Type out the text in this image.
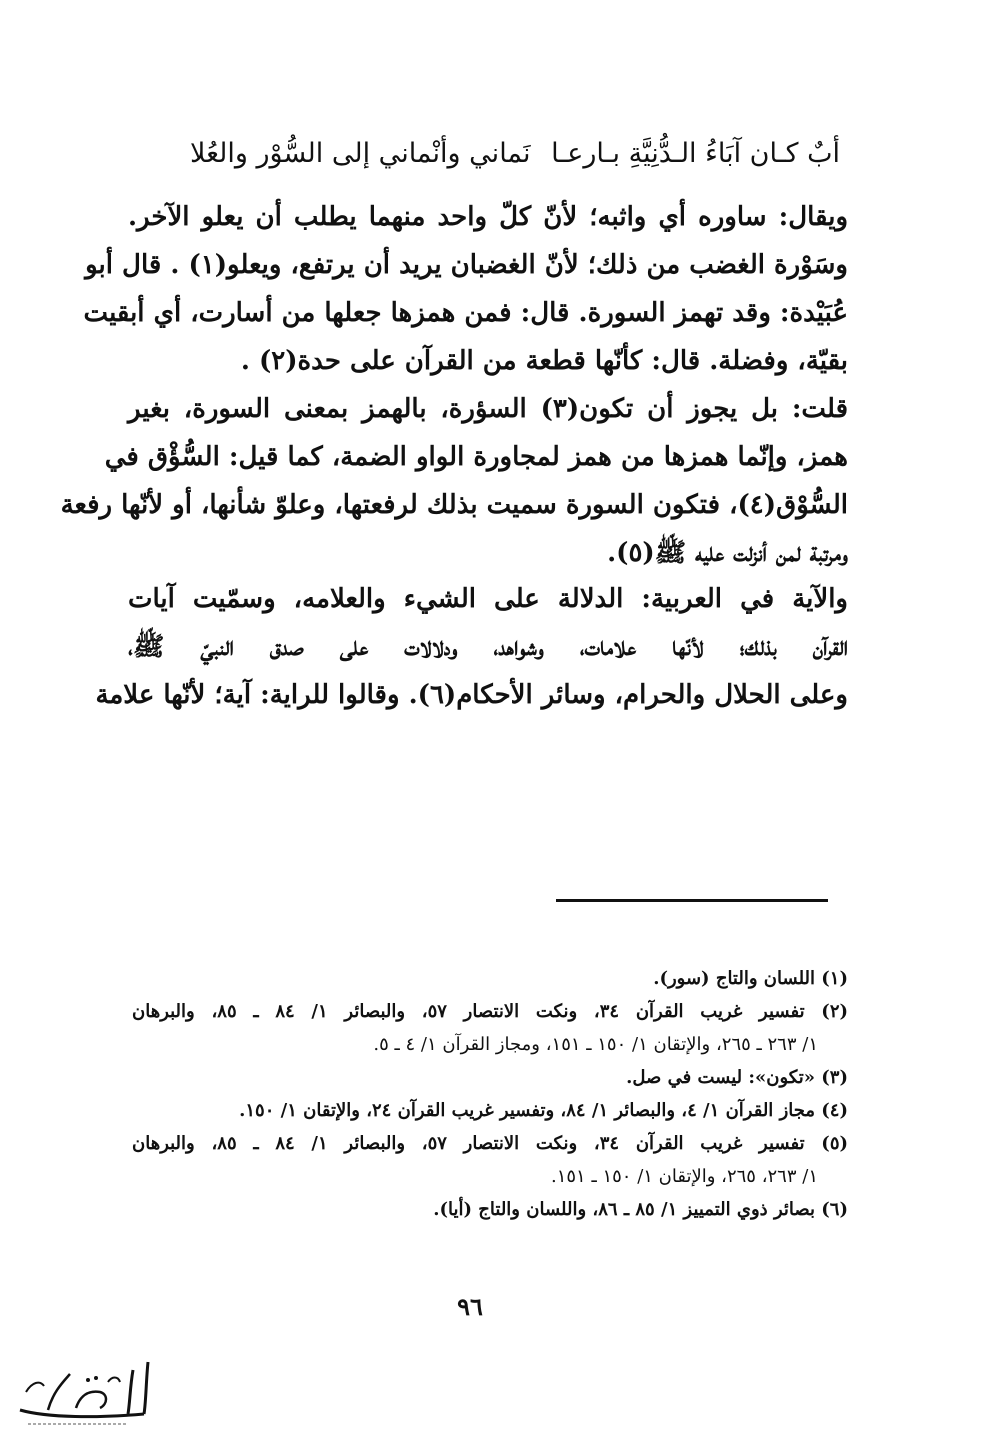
نَماني وأنْماني إلى السُّوْر والعُلا أبٌ كـان آبَاءُ الـدُّنِيَّةِ بـارعـا
ويقال: ساوره أي واثبه؛ لأنّ كلّ واحد منهما يطلب أن يعلو الآخر.
وسَوْرة الغضب من ذلك؛ لأنّ الغضبان يريد أن يرتفع، ويعلو(١) . قال أبو
عُبَيْدة: وقد تهمز السورة. قال: فمن همزها جعلها من أسارت، أي أبقيت
بقيّة، وفضلة. قال: كأنّها قطعة من القرآن على حدة(٢) .
قلت: بل يجوز أن تكون(٣) السؤرة، بالهمز بمعنى السورة، بغير
همز، وإنّما همزها من همز لمجاورة الواو الضمة، كما قيل: السُّؤْق في
السُّوْق(٤)، فتكون السورة سميت بذلك لرفعتها، وعلوّ شأنها، أو لأنّها رفعة
ومرتبة لمن أنزلت عليه ﷺ(٥).
والآية في العربية: الدلالة على الشيء والعلامه، وسمّيت آيات
القرآن بذلك؛ لأنّها علامات، وشواهد، ودلالات على صدق النبيّ ﷺ،
وعلى الحلال والحرام، وسائر الأحكام(٦). وقالوا للراية: آية؛ لأنّها علامة
(١) اللسان والتاج (سور).
(٢) تفسير غريب القرآن ٣٤، ونكت الانتصار ٥٧، والبصائر ١/ ٨٤ ـ ٨٥، والبرهان
١/ ٢٦٣ ـ ٢٦٥، والإتقان ١/ ١٥٠ ـ ١٥١، ومجاز القرآن ١/ ٤ ـ ٥.
(٣) «تكون»: ليست في صل.
(٤) مجاز القرآن ١/ ٤، والبصائر ١/ ٨٤، وتفسير غريب القرآن ٢٤، والإتقان ١/ ١٥٠.
(٥) تفسير غريب القرآن ٣٤، ونكت الانتصار ٥٧، والبصائر ١/ ٨٤ ـ ٨٥، والبرهان
١/ ٢٦٣، ٢٦٥، والإتقان ١/ ١٥٠ ـ ١٥١.
(٦) بصائر ذوي التمييز ١/ ٨٥ ـ ٨٦، واللسان والتاج (أيا).
٩٦
